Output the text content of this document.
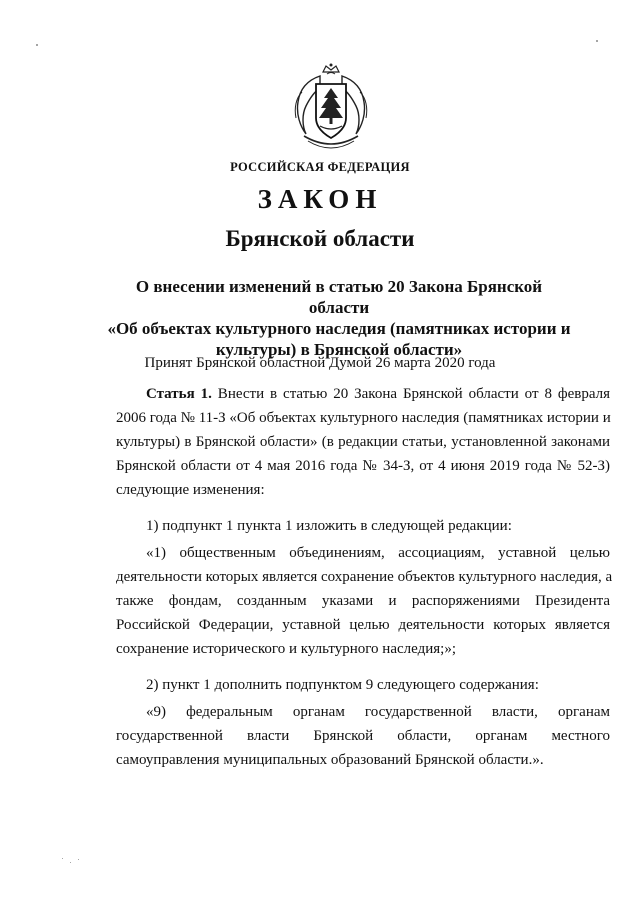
РОССИЙСКАЯ ФЕДЕРАЦИЯ
ЗАКОН
Брянской области
О внесении изменений в статью 20 Закона Брянской области
«Об объектах культурного наследия (памятниках истории и
культуры) в Брянской области»
Принят Брянской областной Думой 26 марта 2020 года
Статья 1. Внести в статью 20 Закона Брянской области от 8 февраля
2006 года № 11-З «Об объектах культурного наследия (памятниках истории и
культуры) в Брянской области» (в редакции статьи, установленной законами
Брянской области от 4 мая 2016 года № 34-З, от 4 июня 2019 года № 52-З)
следующие изменения:
1) подпункт 1 пункта 1 изложить в следующей редакции:
«1) общественным объединениям, ассоциациям, уставной целью
деятельности которых является сохранение объектов культурного наследия, а
также фондам, созданным указами и распоряжениями Президента
Российской Федерации, уставной целью деятельности которых является
сохранение исторического и культурного наследия;»;
2) пункт 1 дополнить подпунктом 9 следующего содержания:
«9) федеральным органам государственной власти, органам
государственной власти Брянской области, органам местного
самоуправления муниципальных образований Брянской области.».
